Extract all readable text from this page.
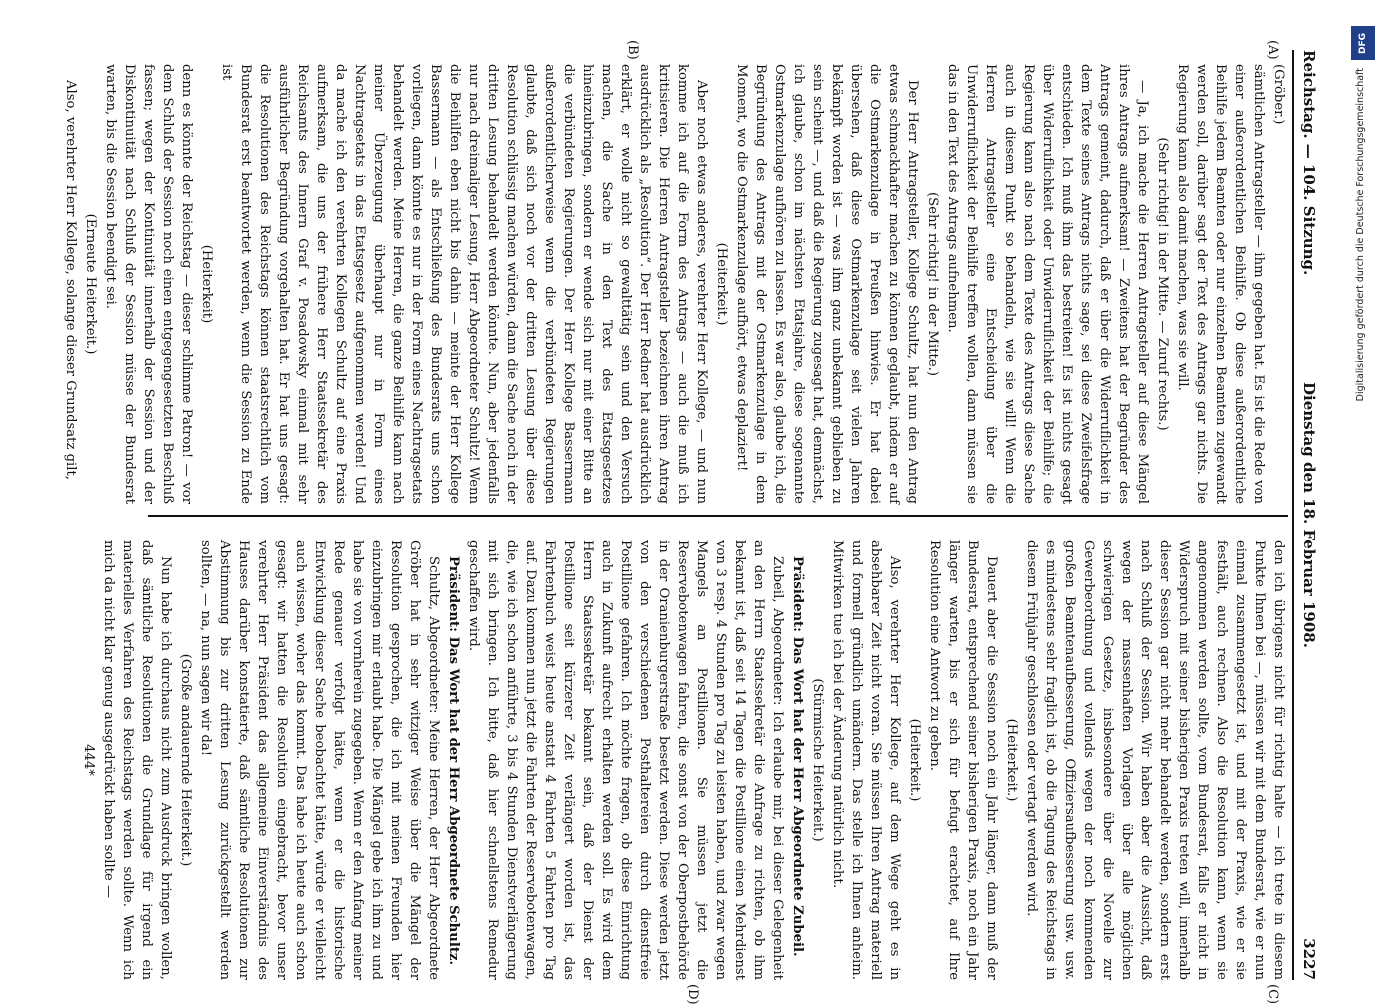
Reichstag. — 104. Sitzung.
Dienstag den 18. Februar 1908.
3227
(A)
(B)
(C)
(D)

(Gröber.)

sämtlichen Antragsteller — ihm gegeben hat. Es ist die Rede von einer außerordentlichen Beihilfe. Ob diese außerordentliche Beihilfe jedem Beamten oder nur einzelnen Beamten zugewandt werden soll, darüber sagt der Text des Antrags gar nichts. Die Regierung kann also damit machen, was sie will.

(Sehr richtig! in der Mitte. — Zuruf rechts.)

— Ja, ich mache die Herren Antragsteller auf diese Mängel ihres Antrags aufmerksam! — Zweitens hat der Begründer des Antrags gemeint, dadurch, daß er über die Widerruflichkeit in dem Texte seines Antrags nichts sage, sei diese Zweifelsfrage entschieden. Ich muß ihm das bestreiten! Es ist nichts gesagt über Widerruflichkeit oder Unwiderruflichkeit der Beihilfe; die Regierung kann also nach dem Texte des Antrags diese Sache auch in diesem Punkt so behandeln, wie sie will! Wenn die Herren Antragsteller eine Entscheidung über die Unwiderruflichkeit der Beihilfe treffen wollen, dann müssen sie das in den Text des Antrags aufnehmen.

(Sehr richtig! in der Mitte.)

Der Herr Antragsteller, Kollege Schultz, hat nun den Antrag etwas schmackhafter machen zu können geglaubt, indem er auf die Ostmarkenzulage in Preußen hinwies. Er hat dabei übersehen, daß diese Ostmarkenzulage seit vielen Jahren bekämpft worden ist — was ihm ganz unbekannt geblieben zu sein scheint —, und daß die Regierung zugesagt hat, demnächst, ich glaube, schon im nächsten Etatsjahre, diese sogenannte Ostmarkenzulage aufhören zu lassen. Es war also, glaube ich, die Begründung des Antrags mit der Ostmarkenzulage in dem Moment, wo die Ostmarkenzulage aufhört, etwas deplaziert!

(Heiterkeit.)

Aber noch etwas anderes, verehrter Herr Kollege, — und nun komme ich auf die Form des Antrags — auch die muß ich kritisieren. Die Herren Antragsteller bezeichnen ihren Antrag ausdrücklich als „Resolution“. Der Herr Redner hat ausdrücklich erklärt, er wolle nicht so gewalttätig sein und den Versuch machen, die Sache in den Text des Etatsgesetzes hineinzubringen, sondern er wende sich nur mit einer Bitte an die verbündeten Regierungen. Der Herr Kollege Bassermann außerordentlicherweise wenn die verbündeten Regierungen glaubte, daß sich noch vor der dritten Lesung über diese Resolution schlüssig machen würden, dann die Sache noch in der dritten Lesung behandelt werden könnte. Nun, aber jedenfalls nur nach dreimaliger Lesung, Herr Abgeordneter Schultz! Wenn die Beihilfen eben nicht bis dahin — meinte der Herr Kollege Bassermann — als Entschließung des Bundesrats uns schon vorliegen, dann könnte es nur in der Form eines Nachtragsetats behandelt werden. Meine Herren, die ganze Beihilfe kann nach meiner Überzeugung überhaupt nur in Form eines Nachtragsetats in das Etatsgesetz aufgenommen werden! Und da mache ich den verehrten Kollegen Schultz auf eine Praxis aufmerksam, die uns der frühere Herr Staatssekretär des Reichsamts des Innern Graf v. Posadowsky einmal mit sehr ausführlicher Begründung vorgehalten hat. Er hat uns gesagt: die Resolutionen des Reichstags können staatsrechtlich vom Bundesrat erst beantwortet werden, wenn die Session zu Ende ist

(Heiterkeit)

denn es könnte der Reichstag — dieser schlimme Patron! — vor dem Schluß der Session noch einen entgegengesetzten Beschluß fassen; wegen der Kontinuität innerhalb der Session und der Diskontinuität nach Schluß der Session müsse der Bundesrat warten, bis die Session beendigt sei.

(Erneute Heiterkeit.)

Also, verehrter Herr Kollege, solange dieser Grundsatz gilt,

den ich übrigens nicht für richtig halte — ich trete in diesem Punkte Ihnen bei —, müssen wir mit dem Bundesrat, wie er nun einmal zusammengesetzt ist, und mit der Praxis, wie er sie festhält, auch rechnen. Also die Resolution kann, wenn sie angenommen werden sollte, vom Bundesrat, falls er nicht in Widerspruch mit seiner bisherigen Praxis treten will, innerhalb dieser Session gar nicht mehr behandelt werden, sondern erst nach Schluß der Session. Wir haben aber die Aussicht, daß wegen der massenhaften Vorlagen über alle möglichen schwierigen Gesetze, insbesondere über die Novelle zur Gewerbeordnung und vollends wegen der noch kommenden großen Beamtenaufbesserung, Offiziersaufbesserung usw. usw. es mindestens sehr fraglich ist, ob die Tagung des Reichstags in diesem Frühjahr geschlossen oder vertagt werden wird.

(Heiterkeit.)

Dauert aber die Session noch ein Jahr länger, dann muß der Bundesrat, entsprechend seiner bisherigen Praxis, noch ein Jahr länger warten, bis er sich für befugt erachtet, auf Ihre Resolution eine Antwort zu geben.

(Heiterkeit.)

Also, verehrter Herr Kollege, auf dem Wege geht es in absehbarer Zeit nicht voran. Sie müssen Ihren Antrag materiell und formell gründlich umändern. Das stelle ich Ihnen anheim. Mitwirken tue ich bei der Änderung natürlich nicht.

(Stürmische Heiterkeit.)

Präsident: Das Wort hat der Herr Abgeordnete Zubeil.

Zubeil, Abgeordneter: Ich erlaube mir, bei dieser Gelegenheit an den Herrn Staatssekretär die Anfrage zu richten, ob ihm bekannt ist, daß seit 14 Tagen die Postillione einen Mehrdienst von 3 resp. 4 Stunden pro Tag zu leisten haben, und zwar wegen Mangels an Postillionen. Sie müssen jetzt die Reservebotenwagen fahren, die sonst von der Oberpostbehörde in der Oranienburgerstraße besetzt werden. Diese werden jetzt von den verschiedenen Posthaltereien durch dienstfreie Postillione gefahren. Ich möchte fragen, ob diese Einrichtung auch in Zukunft aufrecht erhalten werden soll. Es wird dem Herrn Staatssekretär bekannt sein, daß der Dienst der Postillione seit kürzerer Zeit verlängert worden ist, das Fahrtenbuch weist heute anstatt 4 Fahrten 5 Fahrten pro Tag auf. Dazu kommen nun jetzt die Fahrten der Reservebotenwagen, die, wie ich schon anführte, 3 bis 4 Stunden Dienstverlängerung mit sich bringen. Ich bitte, daß hier schnellstens Remedur geschaffen wird.

Präsident: Das Wort hat der Herr Abgeordnete Schultz.

Schultz, Abgeordneter: Meine Herren, der Herr Abgeordnete Gröber hat in sehr witziger Weise über die Mängel der Resolution gesprochen, die ich mit meinen Freunden hier einzubringen mir erlaubt habe. Die Mängel gebe ich ihm zu und habe sie von vornherein zugegeben. Wenn er den Anfang meiner Rede genauer verfolgt hätte, wenn er die historische Entwicklung dieser Sache beobachtet hätte, würde er vielleicht auch wissen, woher das kommt. Das habe ich heute auch schon gesagt: wir hatten die Resolution eingebracht, bevor unser verehrter Herr Präsident das allgemeine Einverständnis des Hauses darüber konstatierte, daß sämtliche Resolutionen zur Abstimmung bis zur dritten Lesung zurückgestellt werden sollten, — na, nun sagen wir da!

(Große andauernde Heiterkeit.)

Nun habe ich durchaus nicht zum Ausdruck bringen wollen, daß sämtliche Resolutionen die Grundlage für irgend ein materielles Verfahren des Reichstags werden sollte. Wenn ich mich da nicht klar genug ausgedrückt haben sollte —

444*

DFG
Digitalisierung gefördert durch die Deutsche Forschungsgemeinschaft
